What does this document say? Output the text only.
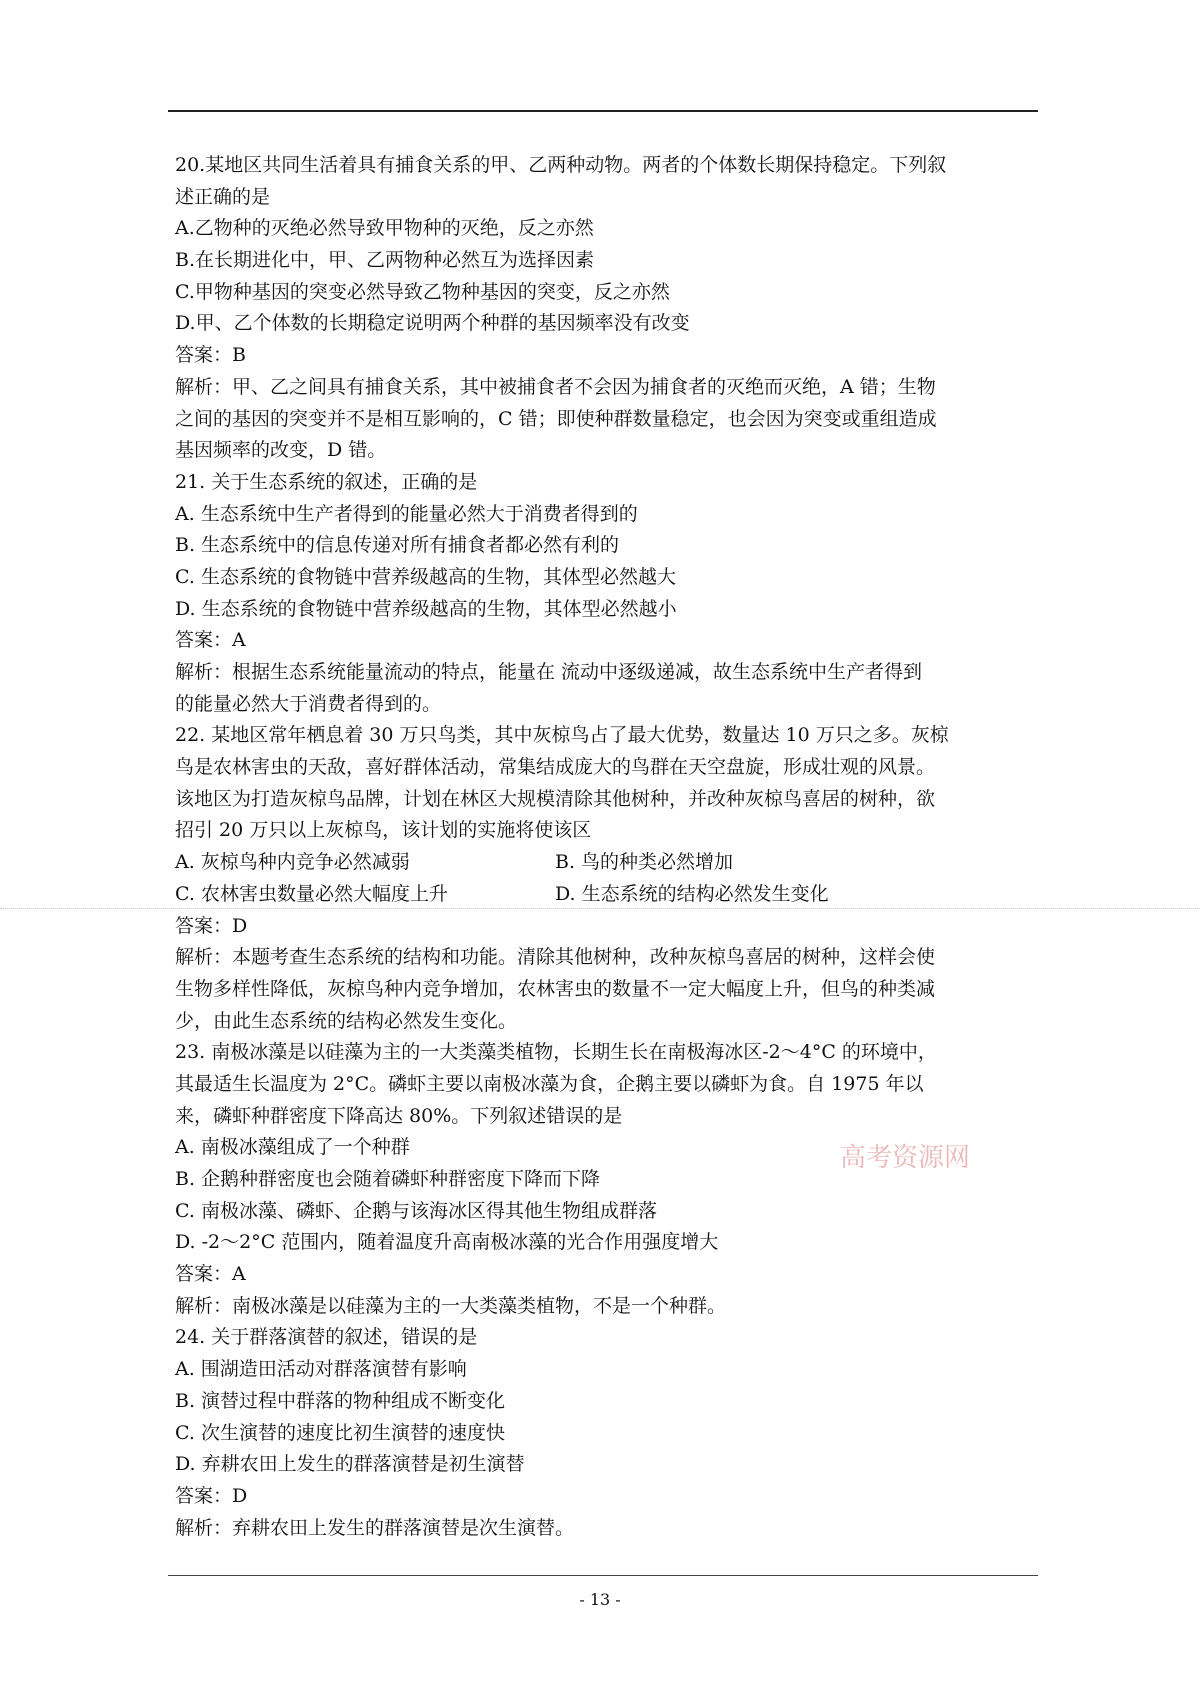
20.某地区共同生活着具有捕食关系的甲、乙两种动物。两者的个体数长期保持稳定。下列叙
述正确的是
A.乙物种的灭绝必然导致甲物种的灭绝，反之亦然
B.在长期进化中，甲、乙两物种必然互为选择因素
C.甲物种基因的突变必然导致乙物种基因的突变，反之亦然
D.甲、乙个体数的长期稳定说明两个种群的基因频率没有改变
答案：B
解析：甲、乙之间具有捕食关系，其中被捕食者不会因为捕食者的灭绝而灭绝，A 错；生物
之间的基因的突变并不是相互影响的，C 错；即使种群数量稳定，也会因为突变或重组造成
基因频率的改变，D 错。
21. 关于生态系统的叙述，正确的是
A. 生态系统中生产者得到的能量必然大于消费者得到的
B. 生态系统中的信息传递对所有捕食者都必然有利的
C. 生态系统的食物链中营养级越高的生物，其体型必然越大
D. 生态系统的食物链中营养级越高的生物，其体型必然越小
答案：A
解析：根据生态系统能量流动的特点，能量在 流动中逐级递减，故生态系统中生产者得到
的能量必然大于消费者得到的。
22. 某地区常年栖息着 30 万只鸟类，其中灰椋鸟占了最大优势，数量达 10 万只之多。灰椋
鸟是农林害虫的天敌，喜好群体活动，常集结成庞大的鸟群在天空盘旋，形成壮观的风景。
该地区为打造灰椋鸟品牌，计划在林区大规模清除其他树种，并改种灰椋鸟喜居的树种，欲
招引 20 万只以上灰椋鸟，该计划的实施将使该区
A. 灰椋鸟种内竞争必然减弱	B. 鸟的种类必然增加
C. 农林害虫数量必然大幅度上升	D. 生态系统的结构必然发生变化
答案：D
解析：本题考查生态系统的结构和功能。清除其他树种，改种灰椋鸟喜居的树种，这样会使
生物多样性降低，灰椋鸟种内竞争增加，农林害虫的数量不一定大幅度上升，但鸟的种类减
少，由此生态系统的结构必然发生变化。
23. 南极冰藻是以硅藻为主的一大类藻类植物，长期生长在南极海冰区-2～4°C 的环境中，
其最适生长温度为 2°C。磷虾主要以南极冰藻为食，企鹅主要以磷虾为食。自 1975 年以
来，磷虾种群密度下降高达 80%。下列叙述错误的是
A. 南极冰藻组成了一个种群
B. 企鹅种群密度也会随着磷虾种群密度下降而下降
C. 南极冰藻、磷虾、企鹅与该海冰区得其他生物组成群落
D. -2～2°C 范围内，随着温度升高南极冰藻的光合作用强度增大
答案：A
解析：南极冰藻是以硅藻为主的一大类藻类植物，不是一个种群。
24. 关于群落演替的叙述，错误的是
A. 围湖造田活动对群落演替有影响
B. 演替过程中群落的物种组成不断变化
C. 次生演替的速度比初生演替的速度快
D. 弃耕农田上发生的群落演替是初生演替
答案：D
解析：弃耕农田上发生的群落演替是次生演替。
高考资源网
- 13 -
